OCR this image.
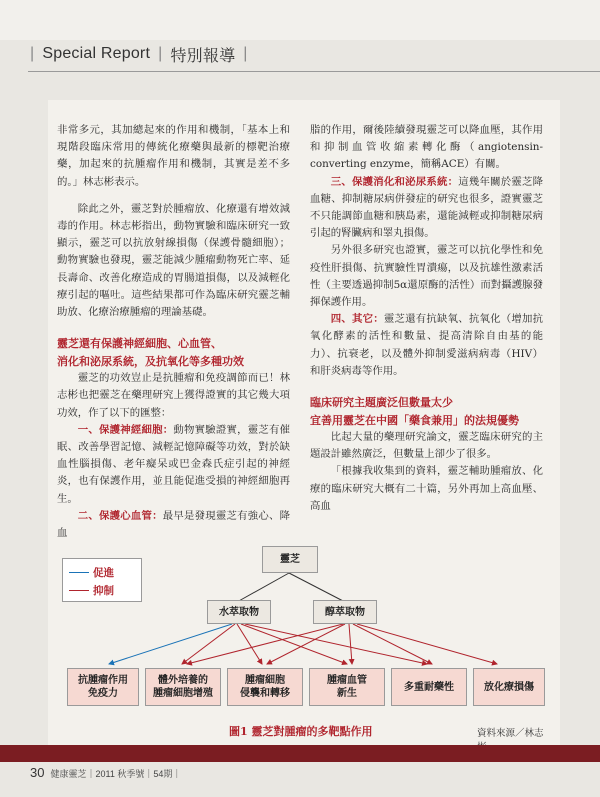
| Special Report | 特別報導 |

非常多元，其加總起來的作用和機制，「基本上和現階段臨床常用的傳統化療藥與最新的標靶治療藥，加起來的抗腫瘤作用和機制，其實是差不多的。」林志彬表示。

除此之外，靈芝對於腫瘤放、化療還有增效減毒的作用。林志彬指出，動物實驗和臨床研究一致顯示，靈芝可以抗放射線損傷（保護骨髓細胞）；動物實驗也發現，靈芝能減少腫瘤動物死亡率、延長壽命、改善化療造成的胃腸道損傷，以及減輕化療引起的嘔吐。這些結果都可作為臨床研究靈芝輔助放、化療治療腫瘤的理論基礎。

靈芝還有保護神經細胞、心血管、

消化和泌尿系統，及抗氧化等多種功效

靈芝的功效豈止是抗腫瘤和免疫調節而已！林志彬也把靈芝在藥理研究上獲得證實的其它幾大項功效，作了以下的匯整：

一、保護神經細胞：動物實驗證實，靈芝有催眠、改善學習記憶、減輕記憶障礙等功效，對於缺血性腦損傷、老年癡呆或巴金森氏症引起的神經炎，也有保護作用，並且能促進受損的神經細胞再生。

二、保護心血管：最早是發現靈芝有強心、降血

脂的作用，爾後陸續發現靈芝可以降血壓，其作用和抑制血管收縮素轉化酶（angiotensin-converting enzyme，簡稱ACE）有關。

三、保護消化和泌尿系統：這幾年關於靈芝降血糖、抑制糖尿病併發症的研究也很多，證實靈芝不只能調節血糖和胰島素，還能減輕或抑制糖尿病引起的腎臟病和睪丸損傷。

另外很多研究也證實，靈芝可以抗化學性和免疫性肝損傷、抗實驗性胃潰瘍，以及抗雄性激素活性（主要透過抑制5α還原酶的活性）而對攝護腺發揮保護作用。

四、其它：靈芝還有抗缺氧、抗氧化（增加抗氧化酵素的活性和數量、提高清除自由基的能力）、抗衰老，以及體外抑制愛滋病病毒（HIV）和肝炎病毒等作用。

臨床研究主題廣泛但數量太少

宜善用靈芝在中國「藥食兼用」的法規優勢

比起大量的藥理研究論文，靈芝臨床研究的主題設計雖然廣泛，但數量上卻少了很多。

「根據我收集到的資料，靈芝輔助腫瘤放、化療的臨床研究大概有二十篇，另外再加上高血壓、高血

促進
抑制
靈芝
水萃取物	醇萃取物
抗腫瘤作用
免疫力
體外培養的
腫瘤細胞增殖
腫瘤細胞
侵襲和轉移
腫瘤血管
新生
多重耐藥性	放化療損傷
圖1 靈芝對腫瘤的多靶點作用	資料來源／林志
30 健康靈芝｜2011 秋季號｜54期｜
